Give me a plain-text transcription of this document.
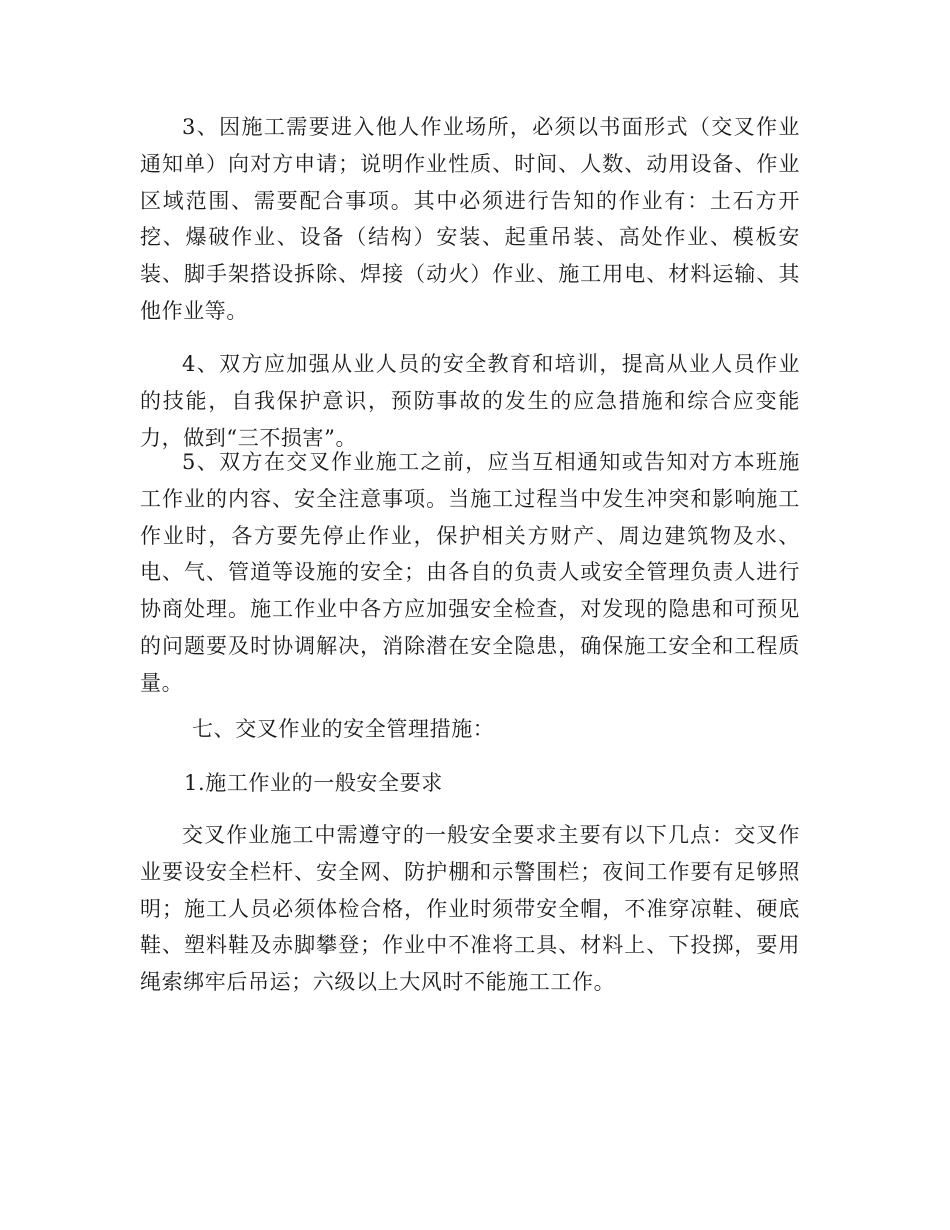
3、因施工需要进入他人作业场所，必须以书面形式（交叉作业通知单）向对方申请；说明作业性质、时间、人数、动用设备、作业区域范围、需要配合事项。其中必须进行告知的作业有：土石方开挖、爆破作业、设备（结构）安装、起重吊装、高处作业、模板安装、脚手架搭设拆除、焊接（动火）作业、施工用电、材料运输、其他作业等。

4、双方应加强从业人员的安全教育和培训，提高从业人员作业的技能，自我保护意识，预防事故的发生的应急措施和综合应变能力，做到“三不损害”。

5、双方在交叉作业施工之前，应当互相通知或告知对方本班施工作业的内容、安全注意事项。当施工过程当中发生冲突和影响施工作业时，各方要先停止作业，保护相关方财产、周边建筑物及水、电、气、管道等设施的安全；由各自的负责人或安全管理负责人进行协商处理。施工作业中各方应加强安全检查，对发现的隐患和可预见的问题要及时协调解决，消除潜在安全隐患，确保施工安全和工程质量。

七、交叉作业的安全管理措施：

1.施工作业的一般安全要求

交叉作业施工中需遵守的一般安全要求主要有以下几点：交叉作业要设安全栏杆、安全网、防护棚和示警围栏；夜间工作要有足够照明；施工人员必须体检合格，作业时须带安全帽，不准穿凉鞋、硬底鞋、塑料鞋及赤脚攀登；作业中不准将工具、材料上、下投掷，要用绳索绑牢后吊运；六级以上大风时不能施工工作。
